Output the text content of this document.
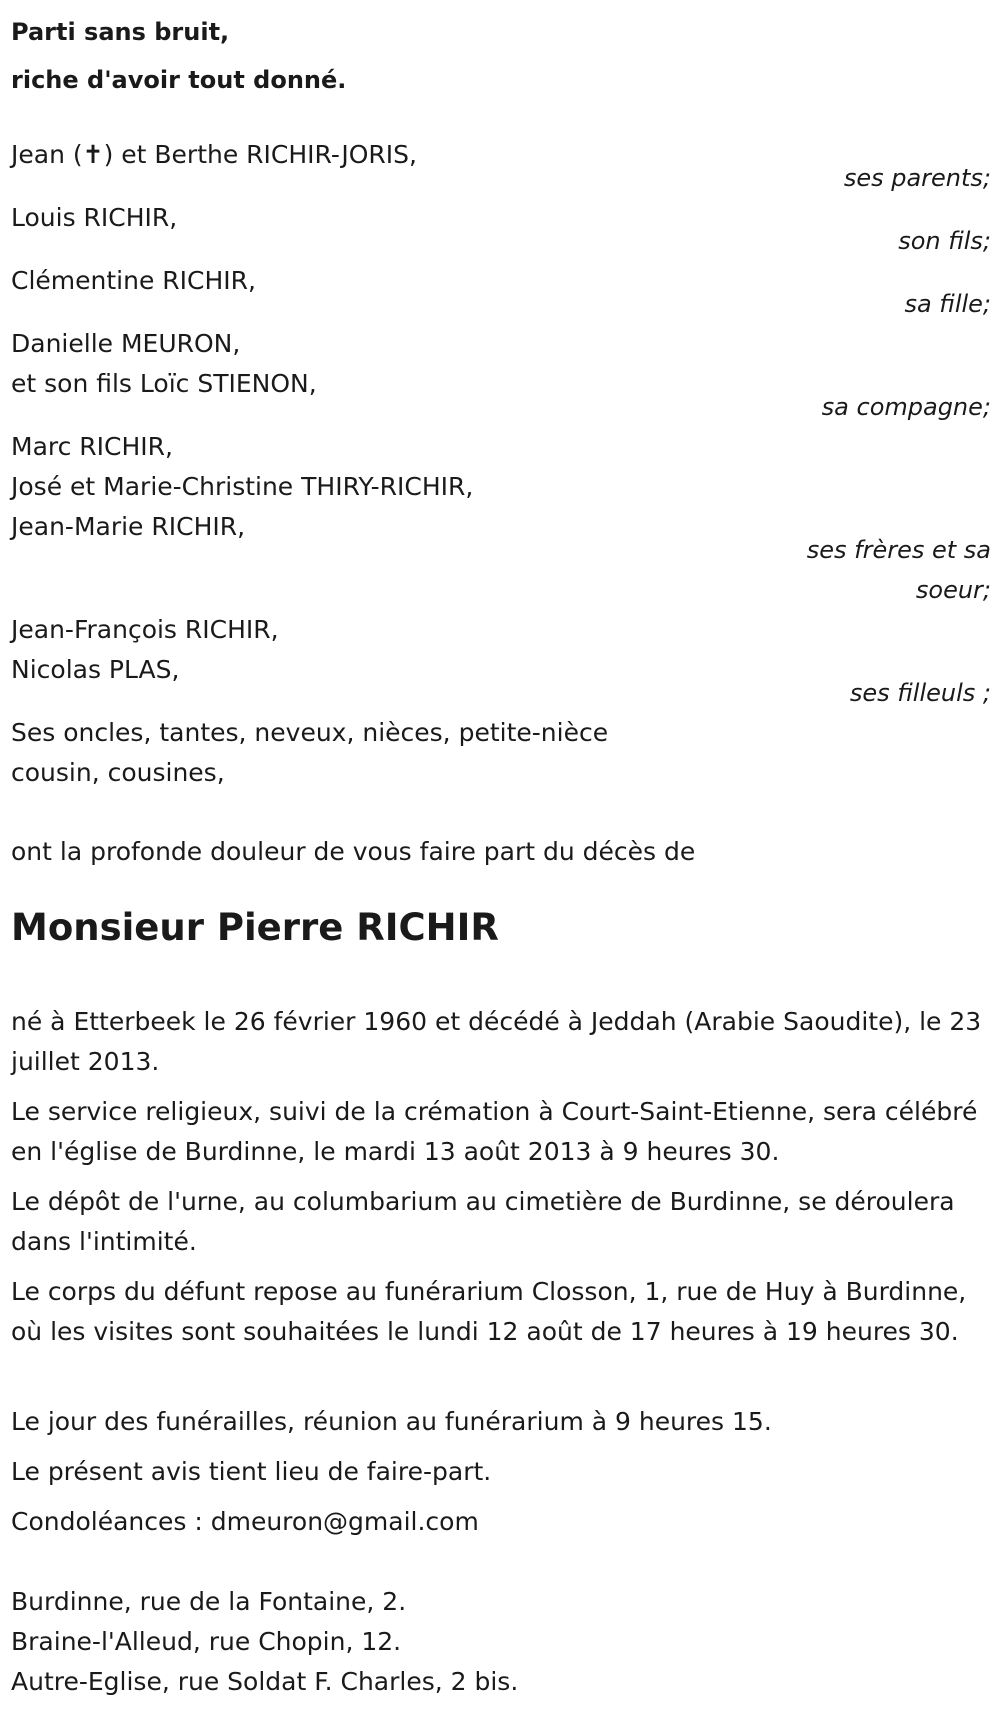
Parti sans bruit,
riche d'avoir tout donné.
Jean (✝) et Berthe RICHIR-JORIS,
ses parents;
Louis RICHIR,
son fils;
Clémentine RICHIR,
sa fille;
Danielle MEURON,
et son fils Loïc STIENON,
sa compagne;
Marc RICHIR,
José et Marie-Christine THIRY-RICHIR,
Jean-Marie RICHIR,
ses frères et sa
soeur;
Jean-François RICHIR,
Nicolas PLAS,
ses filleuls ;
Ses oncles, tantes, neveux, nièces, petite-nièce
cousin, cousines,
ont la profonde douleur de vous faire part du décès de
Monsieur Pierre RICHIR
né à Etterbeek le 26 février 1960 et décédé à Jeddah (Arabie Saoudite), le 23 juillet 2013.
Le service religieux, suivi de la crémation à Court-Saint-Etienne, sera célébré en l'église de Burdinne, le mardi 13 août 2013 à 9 heures 30.
Le dépôt de l'urne, au columbarium au cimetière de Burdinne, se déroulera dans l'intimité.
Le corps du défunt repose au funérarium Closson, 1, rue de Huy à Burdinne, où les visites sont souhaitées le lundi 12 août de 17 heures à 19 heures 30.
Le jour des funérailles, réunion au funérarium à 9 heures 15.
Le présent avis tient lieu de faire-part.
Condoléances : dmeuron@gmail.com
Burdinne, rue de la Fontaine, 2.
Braine-l'Alleud, rue Chopin, 12.
Autre-Eglise, rue Soldat F. Charles, 2 bis.
